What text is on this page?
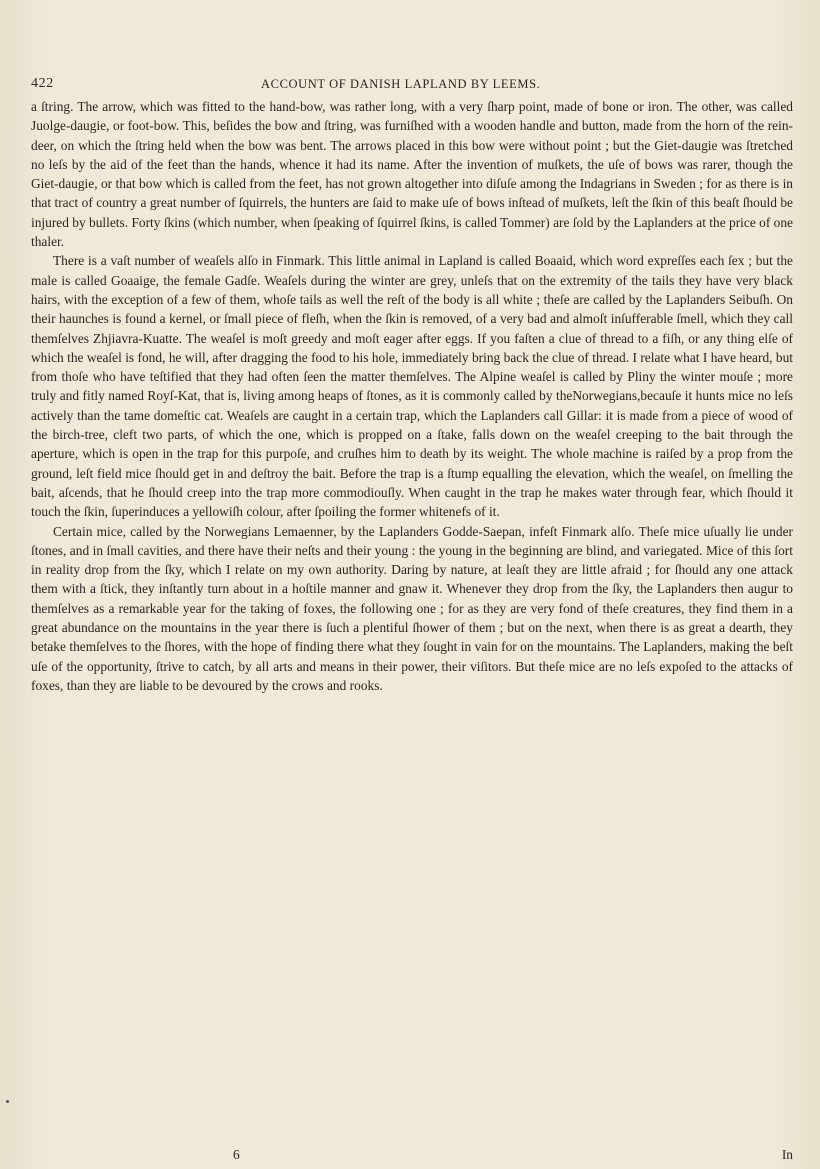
422	ACCOUNT OF DANISH LAPLAND BY LEEMS.

a ſtring. The arrow, which was fitted to the hand-bow, was rather long, with a very ſharp point, made of bone or iron. The other, was called Juolge-daugie, or foot-bow. This, beſides the bow and ſtring, was furniſhed with a wooden handle and button, made from the horn of the rein-deer, on which the ſtring held when the bow was bent. The arrows placed in this bow were without point ; but the Giet-daugie was ſtretched no leſs by the aid of the feet than the hands, whence it had its name. After the invention of muſkets, the uſe of bows was rarer, though the Giet-daugie, or that bow which is called from the feet, has not grown altogether into diſuſe among the Indagrians in Sweden ; for as there is in that tract of country a great number of ſquirrels, the hunters are ſaid to make uſe of bows inſtead of muſkets, leſt the ſkin of this beaſt ſhould be injured by bullets. Forty ſkins (which number, when ſpeaking of ſquirrel ſkins, is called Tommer) are ſold by the Laplanders at the price of one thaler.

There is a vaſt number of weaſels alſo in Finmark. This little animal in Lapland is called Boaaid, which word expreſſes each ſex ; but the male is called Goaaige, the female Gadſe. Weaſels during the winter are grey, unleſs that on the extremity of the tails they have very black hairs, with the exception of a few of them, whoſe tails as well the reſt of the body is all white ; theſe are called by the Laplanders Seibuſh. On their haunches is found a kernel, or ſmall piece of fleſh, when the ſkin is removed, of a very bad and almoſt inſufferable ſmell, which they call themſelves Zhjiavra-Kuatte. The weaſel is moſt greedy and moſt eager after eggs. If you faſten a clue of thread to a fiſh, or any thing elſe of which the weaſel is fond, he will, after dragging the food to his hole, immediately bring back the clue of thread. I relate what I have heard, but from thoſe who have teſtified that they had often ſeen the matter themſelves. The Alpine weaſel is called by Pliny the winter mouſe ; more truly and fitly named Royſ-Kat, that is, living among heaps of ſtones, as it is commonly called by theNorwegians,becauſe it hunts mice no leſs actively than the tame domeſtic cat. Weaſels are caught in a certain trap, which the Laplanders call Gillar: it is made from a piece of wood of the birch-tree, cleft two parts, of which the one, which is propped on a ſtake, falls down on the weaſel creeping to the bait through the aperture, which is open in the trap for this purpoſe, and cruſhes him to death by its weight. The whole machine is raiſed by a prop from the ground, leſt field mice ſhould get in and deſtroy the bait. Before the trap is a ſtump equalling the elevation, which the weaſel, on ſmelling the bait, aſcends, that he ſhould creep into the trap more commodiouſly. When caught in the trap he makes water through fear, which ſhould it touch the ſkin, ſuperinduces a yellowiſh colour, after ſpoiling the former whitenefs of it.

Certain mice, called by the Norwegians Lemaenner, by the Laplanders Godde-Saepan, infeſt Finmark alſo. Theſe mice uſually lie under ſtones, and in ſmall cavities, and there have their neſts and their young : the young in the beginning are blind, and variegated. Mice of this ſort in reality drop from the ſky, which I relate on my own authority. Daring by nature, at leaſt they are little afraid ; for ſhould any one attack them with a ſtick, they inſtantly turn about in a hoſtile manner and gnaw it. Whenever they drop from the ſky, the Laplanders then augur to themſelves as a remarkable year for the taking of foxes, the following one ; for as they are very fond of theſe creatures, they find them in a great abundance on the mountains in the year there is ſuch a plentiful ſhower of them ; but on the next, when there is as great a dearth, they betake themſelves to the ſhores, with the hope of finding there what they ſought in vain for on the mountains. The Laplanders, making the beſt uſe of the opportunity, ſtrive to catch, by all arts and means in their power, their viſitors. But theſe mice are no leſs expoſed to the attacks of foxes, than they are liable to be devoured by the crows and rooks.

6	In
